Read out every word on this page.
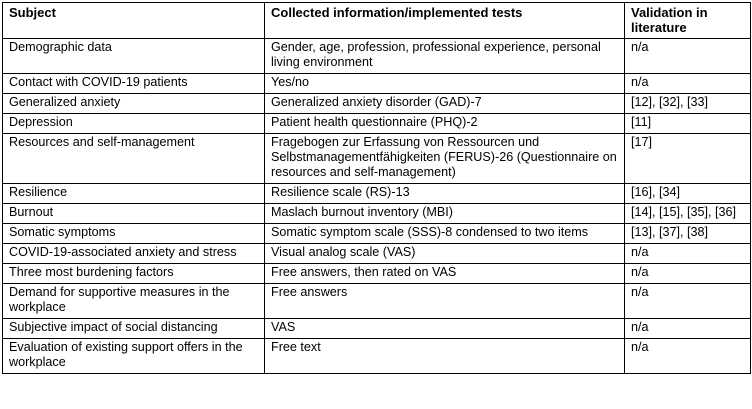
Subject	Collected information/implemented tests	Validation in literature
Demographic data	Gender, age, profession, professional experience, personal living environment	n/a
Contact with COVID-19 patients	Yes/no	n/a
Generalized anxiety	Generalized anxiety disorder (GAD)-7	[12], [32], [33]
Depression	Patient health questionnaire (PHQ)-2	[11]
Resources and self-management	Fragebogen zur Erfassung von Ressourcen und Selbstmanagementfähigkeiten (FERUS)-26 (Questionnaire on resources and self-management)	[17]
Resilience	Resilience scale (RS)-13	[16], [34]
Burnout	Maslach burnout inventory (MBI)	[14], [15], [35], [36]
Somatic symptoms	Somatic symptom scale (SSS)-8 condensed to two items	[13], [37], [38]
COVID-19-associated anxiety and stress	Visual analog scale (VAS)	n/a
Three most burdening factors	Free answers, then rated on VAS	n/a
Demand for supportive measures in the workplace	Free answers	n/a
Subjective impact of social distancing	VAS	n/a
Evaluation of existing support offers in the workplace	Free text	n/a
